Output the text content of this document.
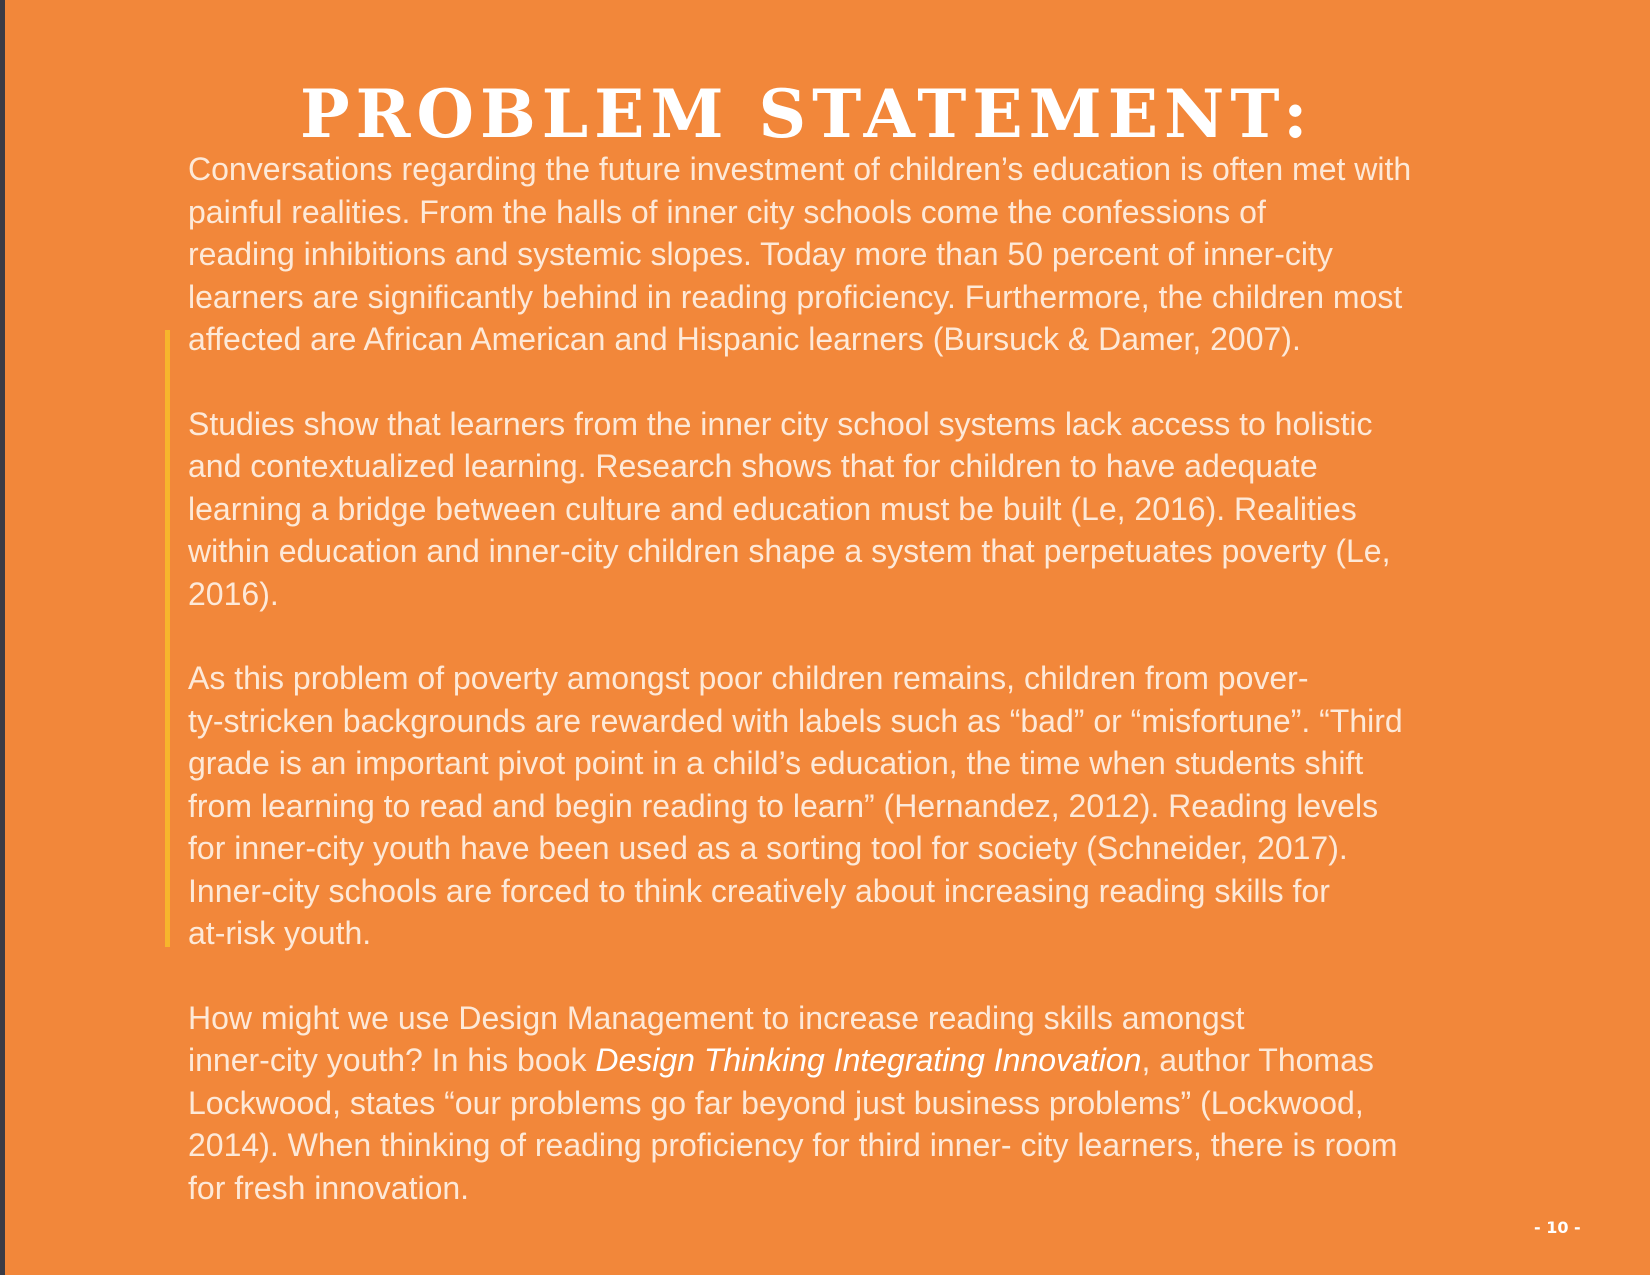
PROBLEM STATEMENT:

Conversations regarding the future investment of children’s education is often met with
painful realities. From the halls of inner city schools come the confessions of
reading inhibitions and systemic slopes. Today more than 50 percent of inner-city
learners are significantly behind in reading proficiency. Furthermore, the children most
affected are African American and Hispanic learners (Bursuck & Damer, 2007).

Studies show that learners from the inner city school systems lack access to holistic
and contextualized learning. Research shows that for children to have adequate
learning a bridge between culture and education must be built (Le, 2016). Realities
within education and inner-city children shape a system that perpetuates poverty (Le,
2016).

As this problem of poverty amongst poor children remains, children from pover-
ty-stricken backgrounds are rewarded with labels such as “bad” or “misfortune”. “Third
grade is an important pivot point in a child’s education, the time when students shift
from learning to read and begin reading to learn” (Hernandez, 2012). Reading levels
for inner-city youth have been used as a sorting tool for society (Schneider, 2017).
Inner-city schools are forced to think creatively about increasing reading skills for
at-risk youth.

How might we use Design Management to increase reading skills amongst
inner-city youth? In his book Design Thinking Integrating Innovation, author Thomas
Lockwood, states “our problems go far beyond just business problems” (Lockwood,
2014). When thinking of reading proficiency for third inner- city learners, there is room
for fresh innovation.

- 10 -
